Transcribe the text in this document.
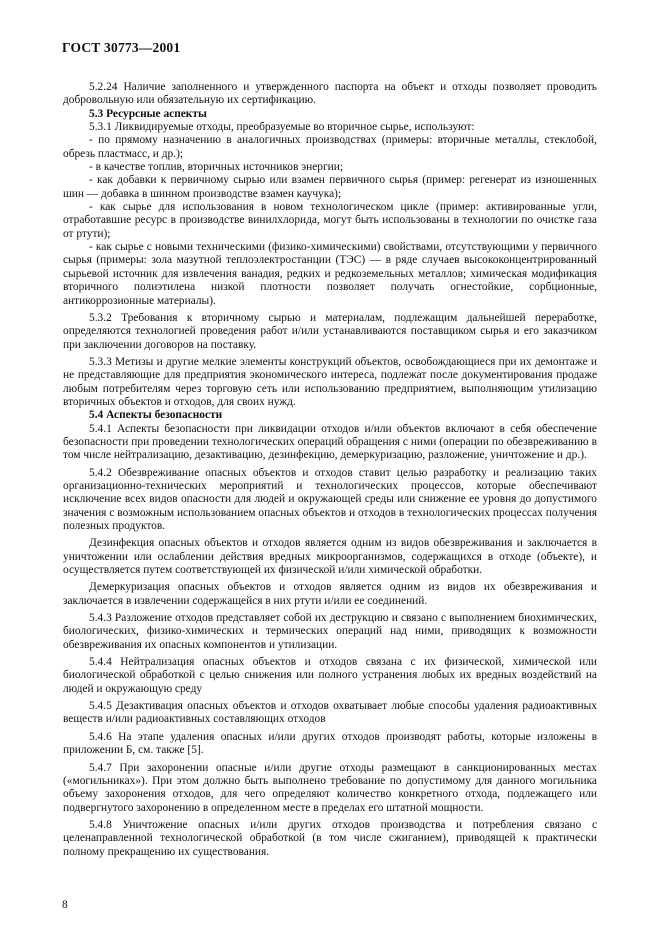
ГОСТ 30773—2001

5.2.24 Наличие заполненного и утвержденного паспорта на объект и отходы позволяет проводить добровольную или обязательную их сертификацию.

5.3 Ресурсные аспекты

5.3.1 Ликвидируемые отходы, преобразуемые во вторичное сырье, используют:

- по прямому назначению в аналогичных производствах (примеры: вторичные металлы, стеклобой, обрезь пластмасс, и др.);

- в качестве топлив, вторичных источников энергии;

- как добавки к первичному сырью или взамен первичного сырья (пример: регенерат из изношенных шин — добавка в шинном производстве взамен каучука);

- как сырье для использования в новом технологическом цикле (пример: активированные угли, отработавшие ресурс в производстве винилхлорида, могут быть использованы в технологии по очистке газа от ртути);

- как сырье с новыми техническими (физико-химическими) свойствами, отсутствующими у первичного сырья (примеры: зола мазутной теплоэлектростанции (ТЭС) — в ряде случаев высококонцентрированный сырьевой источник для извлечения ванадия, редких и редкоземельных металлов; химическая модификация вторичного полиэтилена низкой плотности позволяет получать огнестойкие, сорбционные, антикоррозионные материалы).

5.3.2 Требования к вторичному сырью и материалам, подлежащим дальнейшей переработке, определяются технологией проведения работ и/или устанавливаются поставщиком сырья и его заказчиком при заключении договоров на поставку.

5.3.3 Метизы и другие мелкие элементы конструкций объектов, освобождающиеся при их демонтаже и не представляющие для предприятия экономического интереса, подлежат после документирования продаже любым потребителям через торговую сеть или использованию предприятием, выполняющим утилизацию вторичных объектов и отходов, для своих нужд.

5.4 Аспекты безопасности

5.4.1 Аспекты безопасности при ликвидации отходов и/или объектов включают в себя обеспечение безопасности при проведении технологических операций обращения с ними (операции по обезвреживанию в том числе нейтрализацию, дезактивацию, дезинфекцию, демеркуризацию, разложение, уничтожение и др.).

5.4.2 Обезвреживание опасных объектов и отходов ставит целью разработку и реализацию таких организационно-технических мероприятий и технологических процессов, которые обеспечивают исключение всех видов опасности для людей и окружающей среды или снижение ее уровня до допустимого значения с возможным использованием опасных объектов и отходов в технологических процессах получения полезных продуктов.

Дезинфекция опасных объектов и отходов является одним из видов обезвреживания и заключается в уничтожении или ослаблении действия вредных микроорганизмов, содержащихся в отходе (объекте), и осуществляется путем соответствующей их физической и/или химической обработки.

Демеркуризация опасных объектов и отходов является одним из видов их обезвреживания и заключается в извлечении содержащейся в них ртути и/или ее соединений.

5.4.3 Разложение отходов представляет собой их деструкцию и связано с выполнением биохимических, биологических, физико-химических и термических операций над ними, приводящих к возможности обезвреживания их опасных компонентов и утилизации.

5.4.4 Нейтрализация опасных объектов и отходов связана с их физической, химической или биологической обработкой с целью снижения или полного устранения любых их вредных воздействий на людей и окружающую среду

5.4.5 Дезактивация опасных объектов и отходов охватывает любые способы удаления радиоактивных веществ и/или радиоактивных составляющих отходов

5.4.6 На этапе удаления опасных и/или других отходов производят работы, которые изложены в приложении Б, см. также [5].

5.4.7 При захоронении опасные и/или другие отходы размещают в санкционированных местах («могильниках»). При этом должно быть выполнено требование по допустимому для данного могильника объему захоронения отходов, для чего определяют количество конкретного отхода, подлежащего или подвергнутого захоронению в определенном месте в пределах его штатной мощности.

5.4.8 Уничтожение опасных и/или других отходов производства и потребления связано с целенаправленной технологической обработкой (в том числе сжиганием), приводящей к практически полному прекращению их существования.

8
